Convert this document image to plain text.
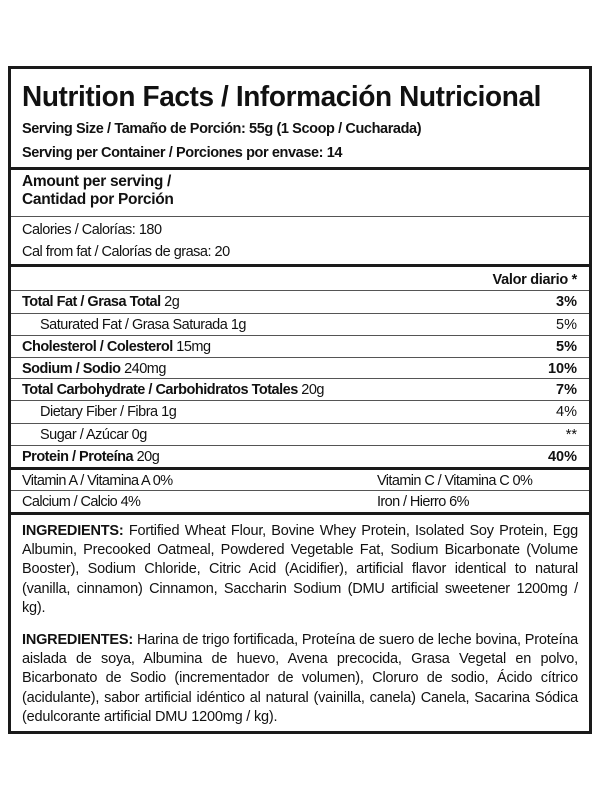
Nutrition Facts / Información Nutricional
Serving Size / Tamaño de Porción: 55g (1 Scoop / Cucharada)
Serving per Container / Porciones por envase: 14
Amount per serving /
Cantidad por Porción
Calories / Calorías: 180
Cal from fat / Calorías de grasa: 20
Valor diario *
Total Fat / Grasa Total 2g	3%
Saturated Fat / Grasa Saturada 1g	5%
Cholesterol / Colesterol 15mg	5%
Sodium / Sodio 240mg	10%
Total Carbohydrate / Carbohidratos Totales 20g	7%
Dietary Fiber / Fibra 1g	4%
Sugar / Azúcar 0g	**
Protein / Proteína 20g	40%
Vitamin A / Vitamina A 0%	Vitamin C / Vitamina C 0%
Calcium / Calcio 4%	Iron / Hierro 6%
INGREDIENTS: Fortified Wheat Flour, Bovine Whey Protein, Isolated Soy Protein, Egg Albumin, Precooked Oatmeal, Powdered Vegetable Fat, Sodium Bicarbonate (Volume Booster), Sodium Chloride, Citric Acid (Acidifier), artificial flavor identical to natural (vanilla, cinnamon) Cinnamon, Saccharin Sodium (DMU artificial sweetener 1200mg / kg).
INGREDIENTES: Harina de trigo fortificada, Proteína de suero de leche bovina, Proteína aislada de soya, Albumina de huevo, Avena precocida, Grasa Vegetal en polvo, Bicarbonato de Sodio (incrementador de volumen), Cloruro de sodio, Ácido cítrico (acidulante), sabor artificial idéntico al natural (vainilla, canela) Canela, Sacarina Sódica (edulcorante artificial DMU 1200mg / kg).
